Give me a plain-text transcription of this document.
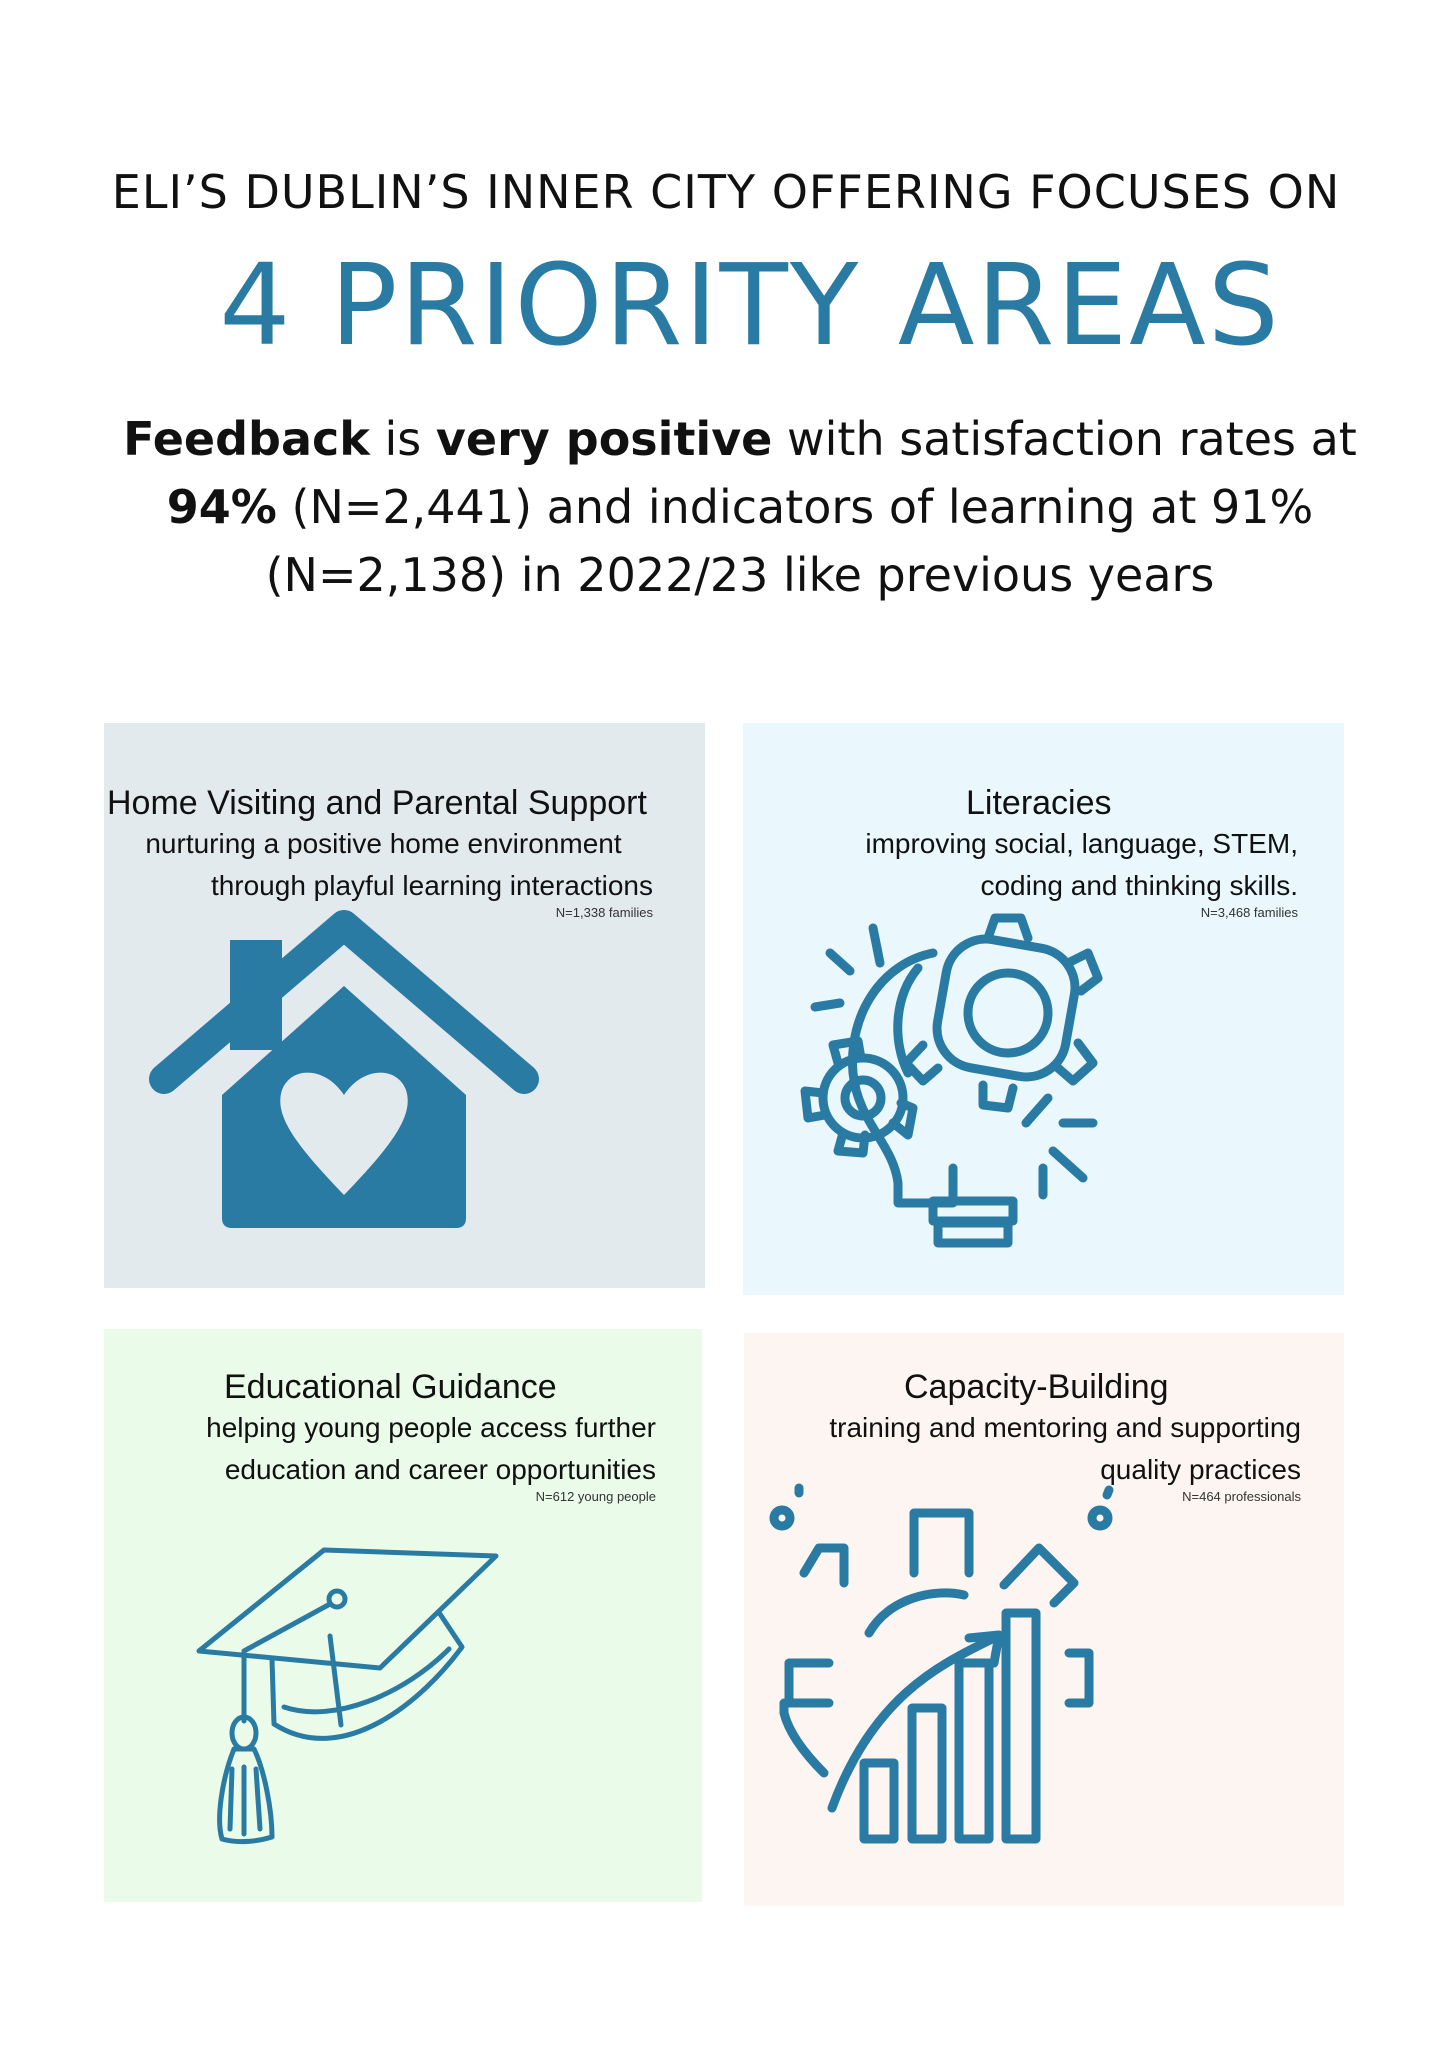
ELI’S DUBLIN’S INNER CITY OFFERING FOCUSES ON
4 PRIORITY AREAS
Feedback is very positive with satisfaction rates at 94% (N=2,441) and indicators of learning at 91% (N=2,138) in 2022/23 like previous years
Home Visiting and Parental Support
nurturing a positive home environment
through playful learning interactions
N=1,338 families
Literacies
improving social, language, STEM,
coding and thinking skills.
N=3,468 families
Educational Guidance
helping young people access further
education and career opportunities
N=612 young people
Capacity-Building
training and mentoring and supporting
quality practices
N=464 professionals
